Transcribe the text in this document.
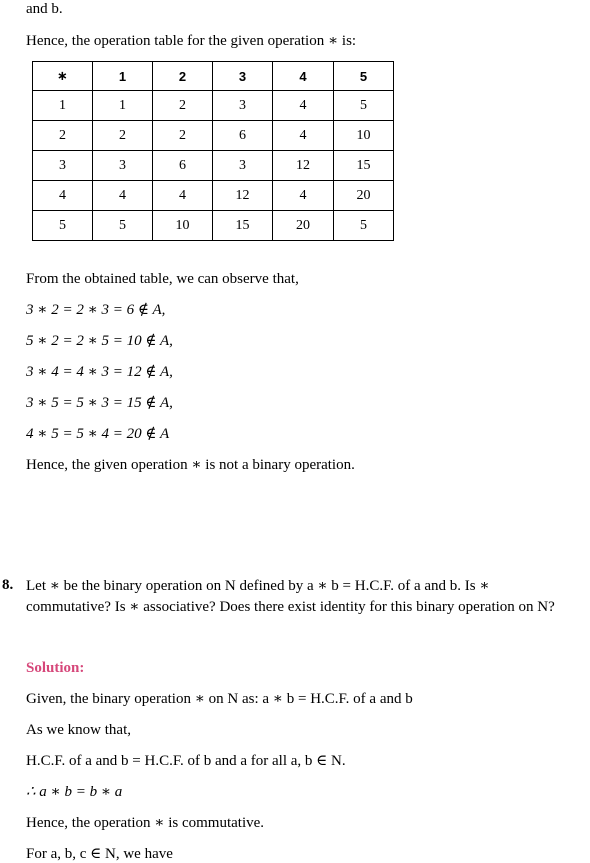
and b.
Hence, the operation table for the given operation ∗ is:
∗	1	2	3	4	5
1	1	2	3	4	5
2	2	2	6	4	10
3	3	6	3	12	15
4	4	4	12	4	20
5	5	10	15	20	5
From the obtained table, we can observe that,
3 ∗ 2 = 2 ∗ 3 = 6 ∉ A,
5 ∗ 2 = 2 ∗ 5 = 10 ∉ A,
3 ∗ 4 = 4 ∗ 3 = 12 ∉ A,
3 ∗ 5 = 5 ∗ 3 = 15 ∉ A,
4 ∗ 5 = 5 ∗ 4 = 20 ∉ A
Hence, the given operation ∗ is not a binary operation.
8. Let ∗ be the binary operation on N defined by a ∗ b = H.C.F. of a and b. Is ∗
commutative? Is ∗ associative? Does there exist identity for this binary operation on N?
Solution:
Given, the binary operation ∗ on N as: a ∗ b = H.C.F. of a and b
As we know that,
H.C.F. of a and b = H.C.F. of b and a for all a, b ∈ N.
∴ a ∗ b = b ∗ a
Hence, the operation ∗ is commutative.
For a, b, c ∈ N, we have
